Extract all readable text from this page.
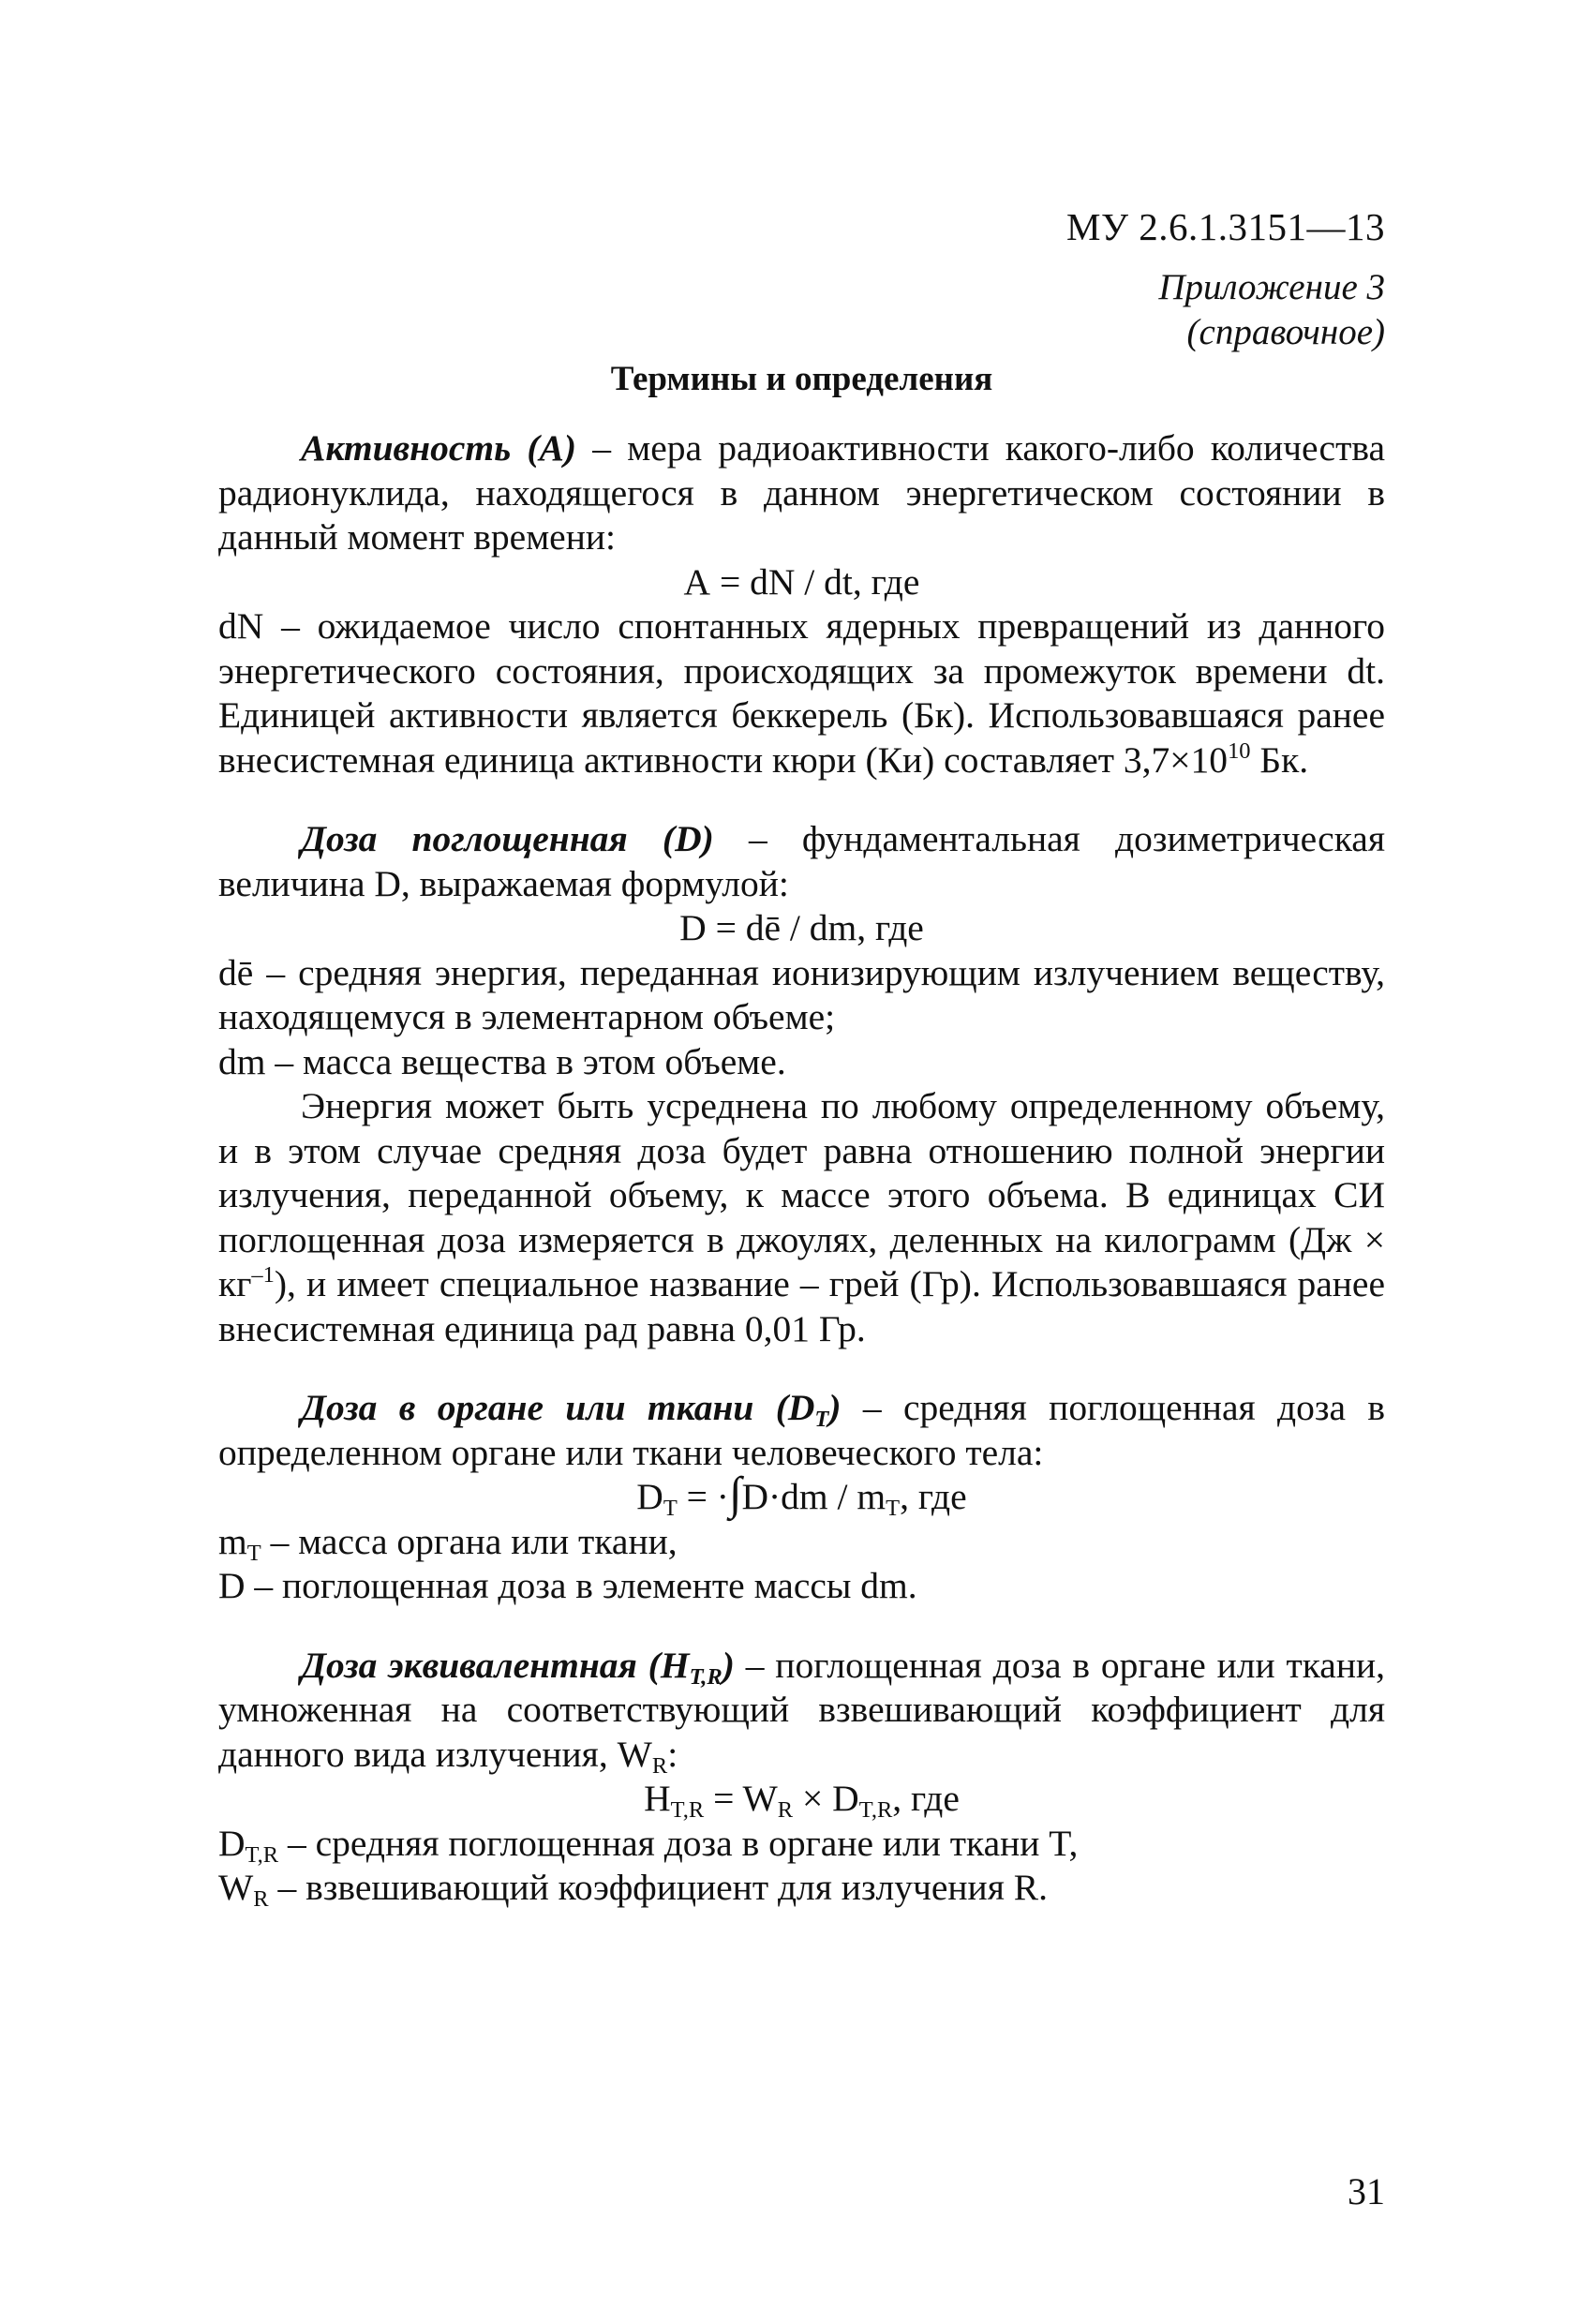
МУ 2.6.1.3151—13
Приложение 3
(справочное)
Термины и определения

Активность (А) – мера радиоактивности какого-либо количества радионуклида, находящегося в данном энергетическом состоянии в данный момент времени:

А = dN / dt, где

dN – ожидаемое число спонтанных ядерных превращений из данного энергетического состояния, происходящих за промежуток времени dt. Единицей активности является беккерель (Бк). Использовавшаяся ранее внесистемная единица активности кюри (Ки) составляет $3,7\times 10^{10}$ Бк.

Доза поглощенная (D) – фундаментальная дозиметрическая величина D, выражаемая формулой:

D = dē / dm, где

dē – средняя энергия, переданная ионизирующим излучением веществу, находящемуся в элементарном объеме;

dm – масса вещества в этом объеме.

Энергия может быть усреднена по любому определенному объему, и в этом случае средняя доза будет равна отношению полной энергии излучения, переданной объему, к массе этого объема. В единицах СИ поглощенная доза измеряется в джоулях, деленных на килограмм $(Дж \times кг^{-1})$, и имеет специальное название – грей (Гр). Использовавшаяся ранее внесистемная единица рад равна 0,01 Гр.

Доза в органе или ткани $(D_T)$ – средняя поглощенная доза в определенном органе или ткани человеческого тела:

$D_T = \cdot\int D\cdot dm / m_T$, где

$m_T$ – масса органа или ткани,

D – поглощенная доза в элементе массы dm.

Доза эквивалентная $(H_{T,R})$ – поглощенная доза в органе или ткани, умноженная на соответствующий взвешивающий коэффициент для данного вида излучения, $W_R$:

$H_{T,R} = W_R \times D_{T,R}$, где

$D_{T,R}$ – средняя поглощенная доза в органе или ткани T,

$W_R$ – взвешивающий коэффициент для излучения R.

31
